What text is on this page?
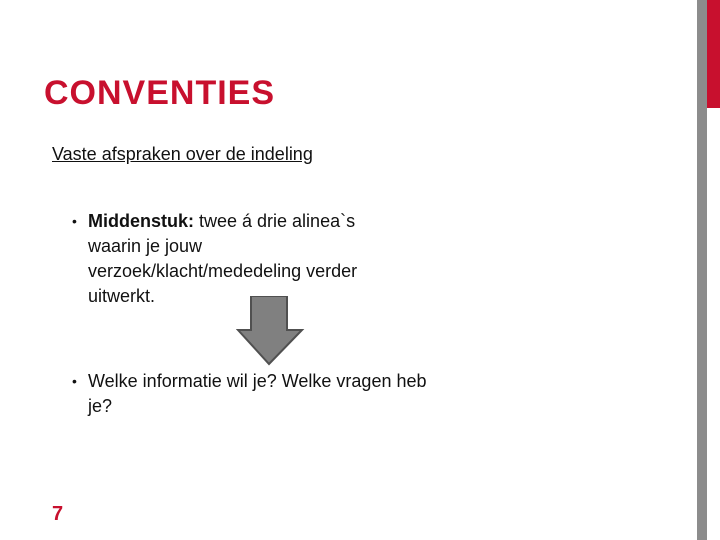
CONVENTIES
Vaste afspraken over de indeling
• Middenstuk: twee á drie alinea`s waarin je jouw verzoek/klacht/mededeling verder uitwerkt.
• Welke informatie wil je? Welke vragen heb je?
7
